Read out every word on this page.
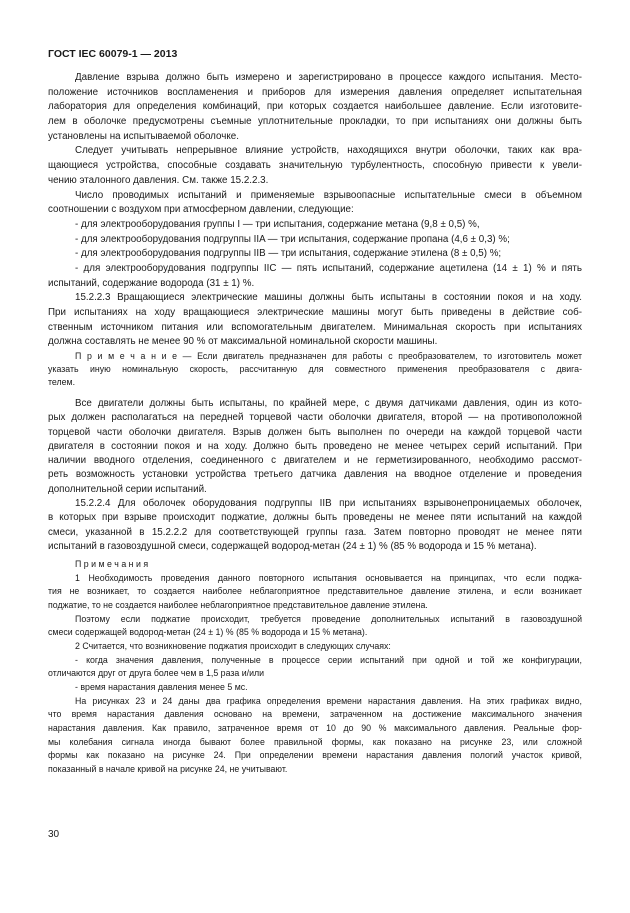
ГОСТ IEC 60079-1 — 2013
Давление взрыва должно быть измерено и зарегистрировано в процессе каждого испытания. Место-
положение источников воспламенения и приборов для измерения давления определяет испытательная
лаборатория для определения комбинаций, при которых создается наибольшее давление. Если изготовите-
лем в оболочке предусмотрены съемные уплотнительные прокладки, то при испытаниях они должны быть
установлены на испытываемой оболочке.
Следует учитывать непрерывное влияние устройств, находящихся внутри оболочки, таких как вра-
щающиеся устройства, способные создавать значительную турбулентность, способную привести к увели-
чению эталонного давления. См. также 15.2.2.3.
Число проводимых испытаний и применяемые взрывоопасные испытательные смеси в объемном
соотношении с воздухом при атмосферном давлении, следующие:
- для электрооборудования группы I — три испытания, содержание метана (9,8 ± 0,5) %,
- для электрооборудования подгруппы IIA — три испытания, содержание пропана (4,6 ± 0,3) %;
- для электрооборудования подгруппы IIB — три испытания, содержание этилена (8 ± 0,5) %;
- для электрооборудования подгруппы IIC — пять испытаний, содержание ацетилена (14 ± 1) % и пять
испытаний, содержание водорода (31 ± 1) %.
15.2.2.3 Вращающиеся электрические машины должны быть испытаны в состоянии покоя и на ходу.
При испытаниях на ходу вращающиеся электрические машины могут быть приведены в действие соб-
ственным источником питания или вспомогательным двигателем. Минимальная скорость при испытаниях
должна составлять не менее 90 % от максимальной номинальной скорости машины.
П р и м е ч а н и е — Если двигатель предназначен для работы с преобразователем, то изготовитель может
указать иную номинальную скорость, рассчитанную для совместного применения преобразователя с двига-
телем.
Все двигатели должны быть испытаны, по крайней мере, с двумя датчиками давления, один из кото-
рых должен располагаться на передней торцевой части оболочки двигателя, второй — на противоположной
торцевой части оболочки двигателя. Взрыв должен быть выполнен по очереди на каждой торцевой части
двигателя в состоянии покоя и на ходу. Должно быть проведено не менее четырех серий испытаний. При
наличии вводного отделения, соединенного с двигателем и не герметизированного, необходимо рассмот-
реть возможность установки устройства третьего датчика давления на вводное отделение и проведения
дополнительной серии испытаний.
15.2.2.4 Для оболочек оборудования подгруппы IIB при испытаниях взрывонепроницаемых оболочек,
в которых при взрыве происходит поджатие, должны быть проведены не менее пяти испытаний на каждой
смеси, указанной в 15.2.2.2 для соответствующей группы газа. Затем повторно проводят не менее пяти
испытаний в газовоздушной смеси, содержащей водород-метан (24 ± 1) % (85 % водорода и 15 % метана).
П р и м е ч а н и я
1 Необходимость проведения данного повторного испытания основывается на принципах, что если поджа-
тия не возникает, то создается наиболее неблагоприятное представительное давление этилена, и если возникает
поджатие, то не создается наиболее неблагоприятное представительное давление этилена.
Поэтому если поджатие происходит, требуется проведение дополнительных испытаний в газовоздушной
смеси содержащей водород-метан (24 ± 1) % (85 % водорода и 15 % метана).
2 Считается, что возникновение поджатия происходит в следующих случаях:
- когда значения давления, полученные в процессе серии испытаний при одной и той же конфигурации,
отличаются друг от друга более чем в 1,5 раза и/или
- время нарастания давления менее 5 мс.
На рисунках 23 и 24 даны два графика определения времени нарастания давления. На этих графиках видно,
что время нарастания давления основано на времени, затраченном на достижение максимального значения
нарастания давления. Как правило, затраченное время от 10 до 90 % максимального давления. Реальные фор-
мы колебания сигнала иногда бывают более правильной формы, как показано на рисунке 23, или сложной
формы как показано на рисунке 24. При определении времени нарастания давления пологий участок кривой,
показанный в начале кривой на рисунке 24, не учитывают.
30
